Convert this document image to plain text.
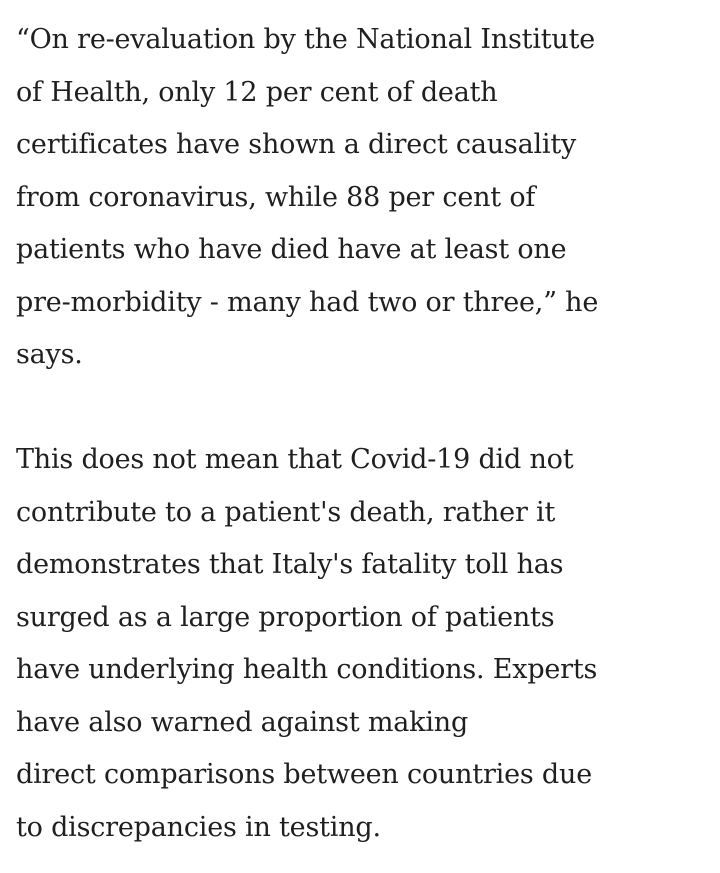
“On re-evaluation by the National Institute
of Health, only 12 per cent of death
certificates have shown a direct causality
from coronavirus, while 88 per cent of
patients who have died have at least one
pre-morbidity - many had two or three,” he
says.

This does not mean that Covid-19 did not
contribute to a patient's death, rather it
demonstrates that Italy's fatality toll has
surged as a large proportion of patients
have underlying health conditions. Experts
have also warned against making
direct comparisons between countries due
to discrepancies in testing.
